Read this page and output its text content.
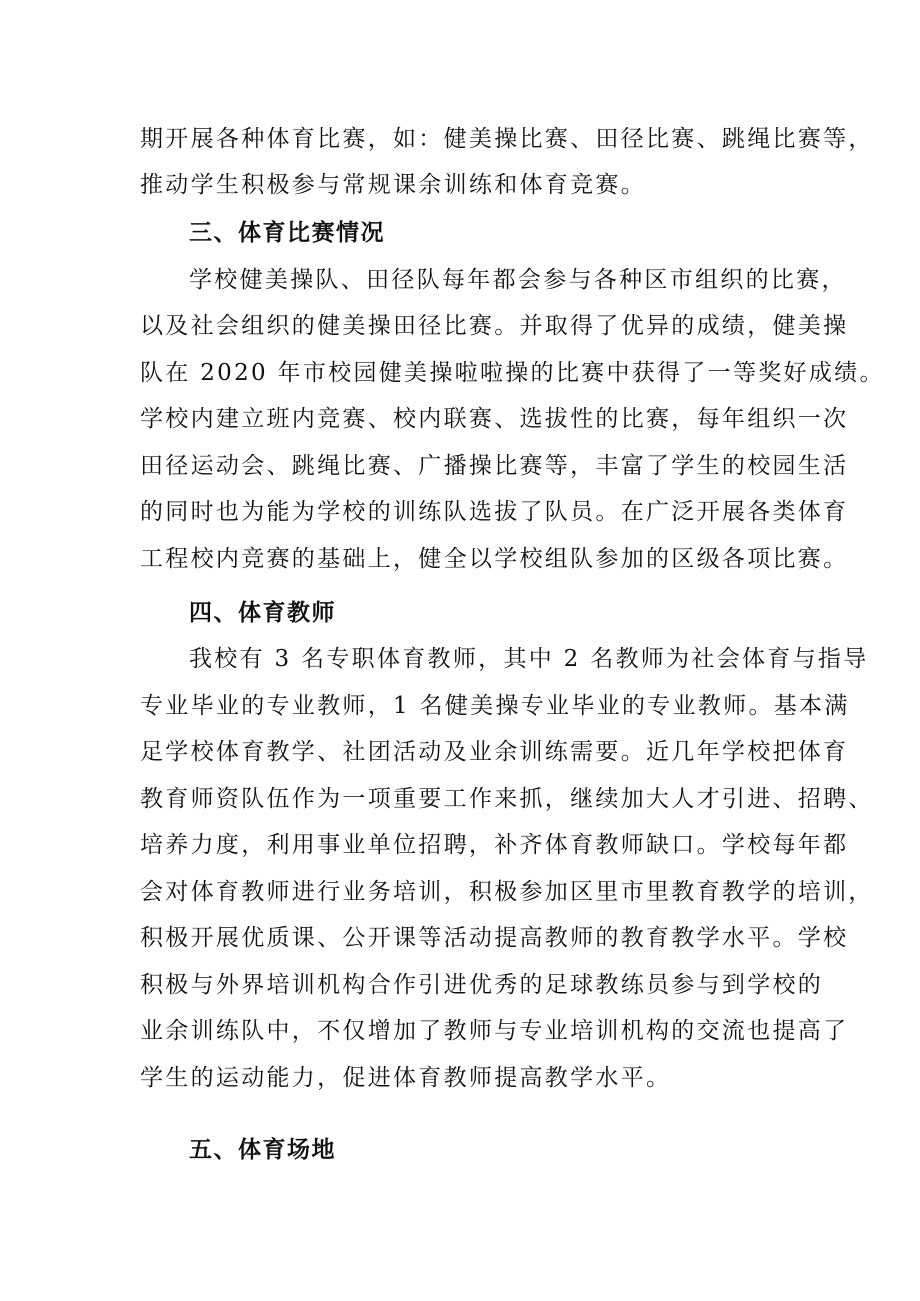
期开展各种体育比赛，如：健美操比赛、田径比赛、跳绳比赛等，
推动学生积极参与常规课余训练和体育竞赛。
三、体育比赛情况
学校健美操队、田径队每年都会参与各种区市组织的比赛，
以及社会组织的健美操田径比赛。并取得了优异的成绩，健美操
队在 2020 年市校园健美操啦啦操的比赛中获得了一等奖好成绩。
学校内建立班内竞赛、校内联赛、选拔性的比赛，每年组织一次
田径运动会、跳绳比赛、广播操比赛等，丰富了学生的校园生活
的同时也为能为学校的训练队选拔了队员。在广泛开展各类体育
工程校内竞赛的基础上，健全以学校组队参加的区级各项比赛。
四、体育教师
我校有 3 名专职体育教师，其中 2 名教师为社会体育与指导
专业毕业的专业教师，1 名健美操专业毕业的专业教师。基本满
足学校体育教学、社团活动及业余训练需要。近几年学校把体育
教育师资队伍作为一项重要工作来抓，继续加大人才引进、招聘、
培养力度，利用事业单位招聘，补齐体育教师缺口。学校每年都
会对体育教师进行业务培训，积极参加区里市里教育教学的培训，
积极开展优质课、公开课等活动提高教师的教育教学水平。学校
积极与外界培训机构合作引进优秀的足球教练员参与到学校的
业余训练队中，不仅增加了教师与专业培训机构的交流也提高了
学生的运动能力，促进体育教师提高教学水平。
五、体育场地
